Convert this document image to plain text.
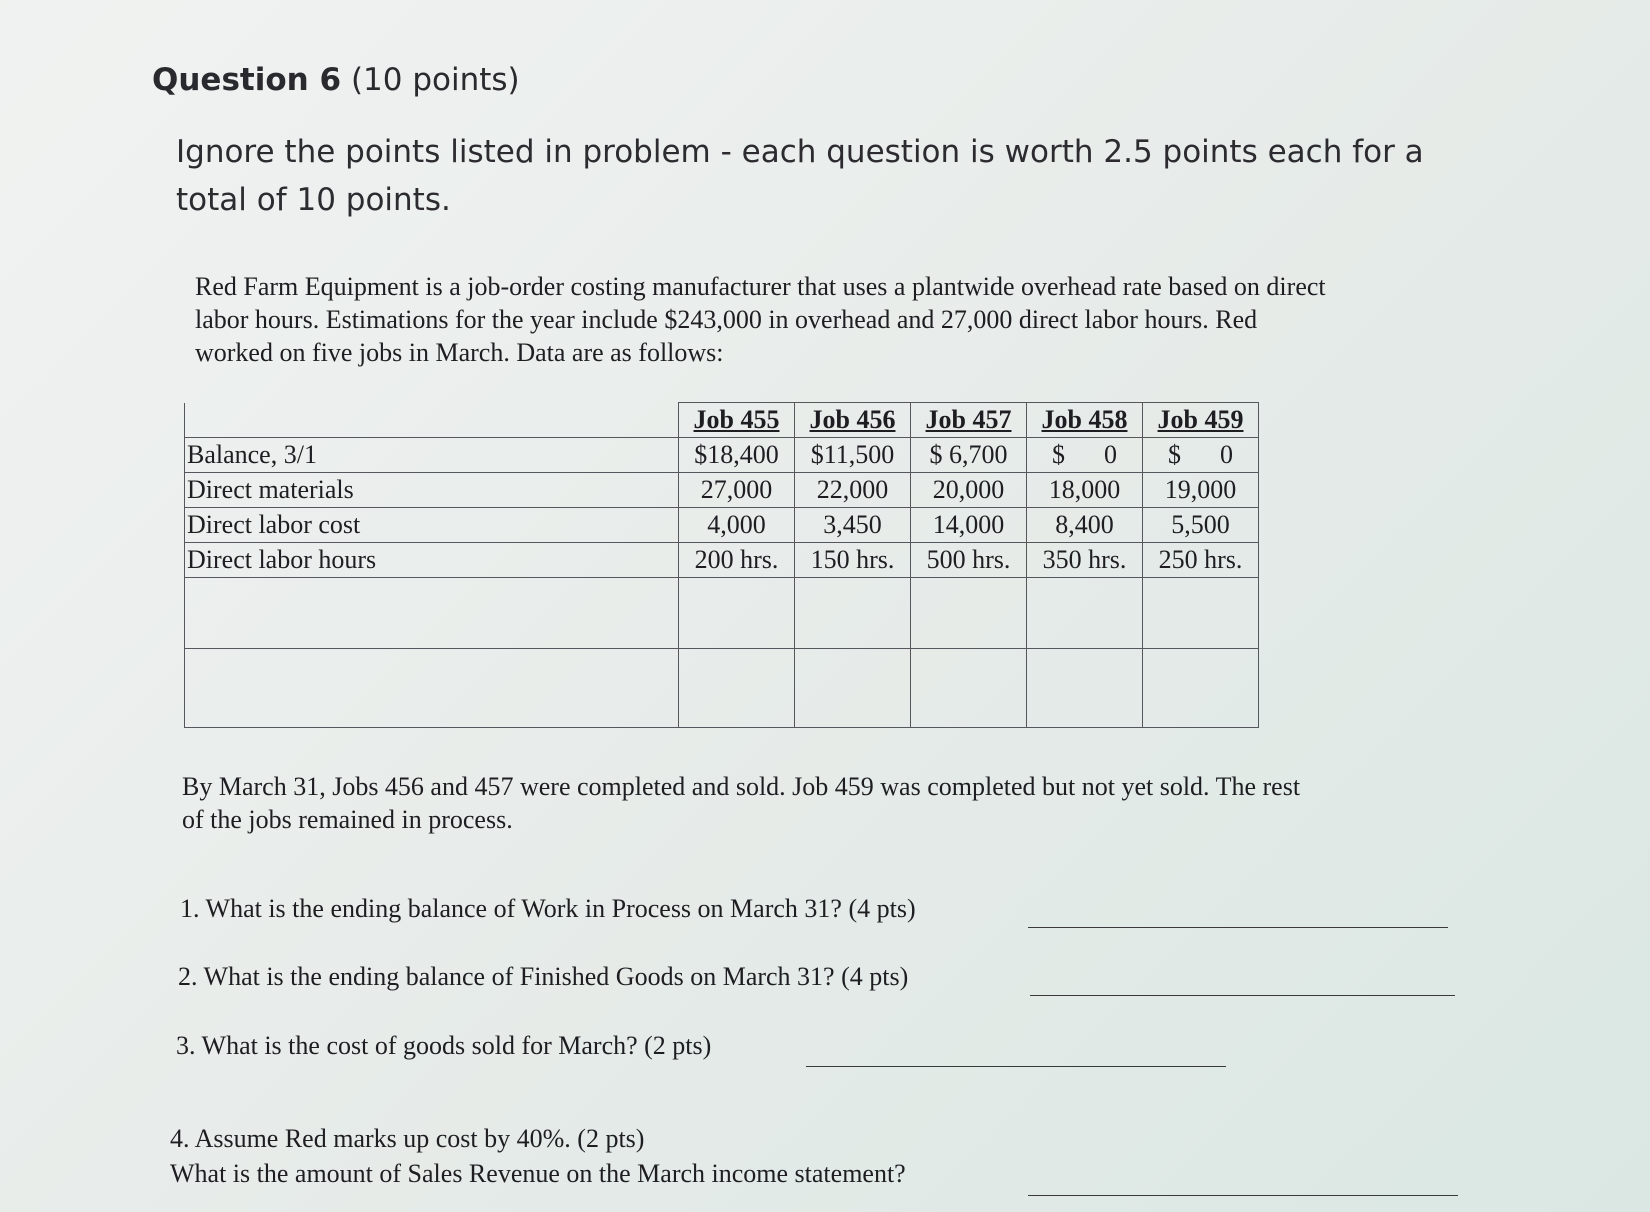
Question 6 (10 points)
Ignore the points listed in problem - each question is worth 2.5 points each for a total of 10 points.
Red Farm Equipment is a job-order costing manufacturer that uses a plantwide overhead rate based on direct labor hours. Estimations for the year include $243,000 in overhead and 27,000 direct labor hours. Red worked on five jobs in March. Data are as follows:
	Job 455	Job 456	Job 457	Job 458	Job 459
Balance, 3/1	$18,400	$11,500	$ 6,700	$      0	$      0
Direct materials	27,000	22,000	20,000	18,000	19,000
Direct labor cost	4,000	3,450	14,000	8,400	5,500
Direct labor hours	200 hrs.	150 hrs.	500 hrs.	350 hrs.	250 hrs.

By March 31, Jobs 456 and 457 were completed and sold. Job 459 was completed but not yet sold. The rest of the jobs remained in process.
1. What is the ending balance of Work in Process on March 31? (4 pts)
2. What is the ending balance of Finished Goods on March 31? (4 pts)
3. What is the cost of goods sold for March? (2 pts)
4. Assume Red marks up cost by 40%. (2 pts)
What is the amount of Sales Revenue on the March income statement?
